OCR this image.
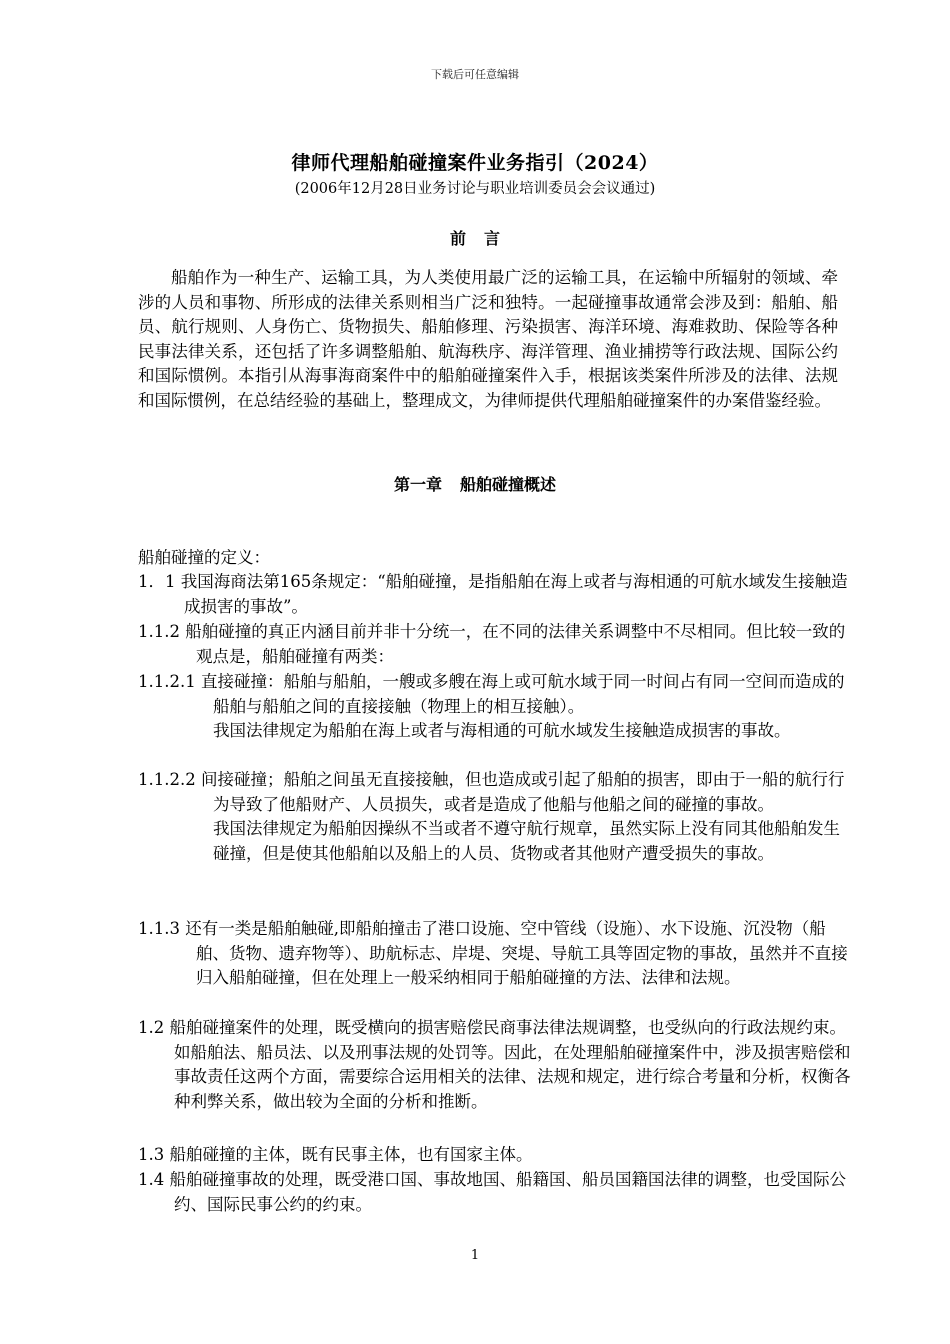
下载后可任意编辑
律师代理船舶碰撞案件业务指引（2024）
(2006年12月28日业务讨论与职业培训委员会会议通过)
前言
船舶作为一种生产、运输工具，为人类使用最广泛的运输工具，在运输中所辐射的领域、牵涉的人员和事物、所形成的法律关系则相当广泛和独特。一起碰撞事故通常会涉及到：船舶、船员、航行规则、人身伤亡、货物损失、船舶修理、污染损害、海洋环境、海难救助、保险等各种民事法律关系，还包括了许多调整船舶、航海秩序、海洋管理、渔业捕捞等行政法规、国际公约和国际惯例。本指引从海事海商案件中的船舶碰撞案件入手，根据该类案件所涉及的法律、法规和国际惯例，在总结经验的基础上，整理成文，为律师提供代理船舶碰撞案件的办案借鉴经验。
第一章 船舶碰撞概述
船舶碰撞的定义：
1．1 我国海商法第165条规定：“船舶碰撞，是指船舶在海上或者与海相通的可航水域发生接触造成损害的事故”。
1.1.2 船舶碰撞的真正内涵目前并非十分统一，在不同的法律关系调整中不尽相同。但比较一致的观点是，船舶碰撞有两类：
1.1.2.1 直接碰撞：船舶与船舶，一艘或多艘在海上或可航水域于同一时间占有同一空间而造成的船舶与船舶之间的直接接触（物理上的相互接触）。
我国法律规定为船舶在海上或者与海相通的可航水域发生接触造成损害的事故。
1.1.2.2 间接碰撞；船舶之间虽无直接接触，但也造成或引起了船舶的损害，即由于一船的航行行为导致了他船财产、人员损失，或者是造成了他船与他船之间的碰撞的事故。
我国法律规定为船舶因操纵不当或者不遵守航行规章，虽然实际上没有同其他船舶发生碰撞，但是使其他船舶以及船上的人员、货物或者其他财产遭受损失的事故。
1.1.3 还有一类是船舶触碰,即船舶撞击了港口设施、空中管线（设施）、水下设施、沉没物（船舶、货物、遗弃物等）、助航标志、岸堤、突堤、导航工具等固定物的事故，虽然并不直接归入船舶碰撞，但在处理上一般采纳相同于船舶碰撞的方法、法律和法规。
1.2 船舶碰撞案件的处理，既受横向的损害赔偿民商事法律法规调整，也受纵向的行政法规约束。如船舶法、船员法、以及刑事法规的处罚等。因此，在处理船舶碰撞案件中，涉及损害赔偿和事故责任这两个方面，需要综合运用相关的法律、法规和规定，进行综合考量和分析，权衡各种利弊关系，做出较为全面的分析和推断。
1.3 船舶碰撞的主体，既有民事主体，也有国家主体。
1.4 船舶碰撞事故的处理，既受港口国、事故地国、船籍国、船员国籍国法律的调整，也受国际公约、国际民事公约的约束。
1
